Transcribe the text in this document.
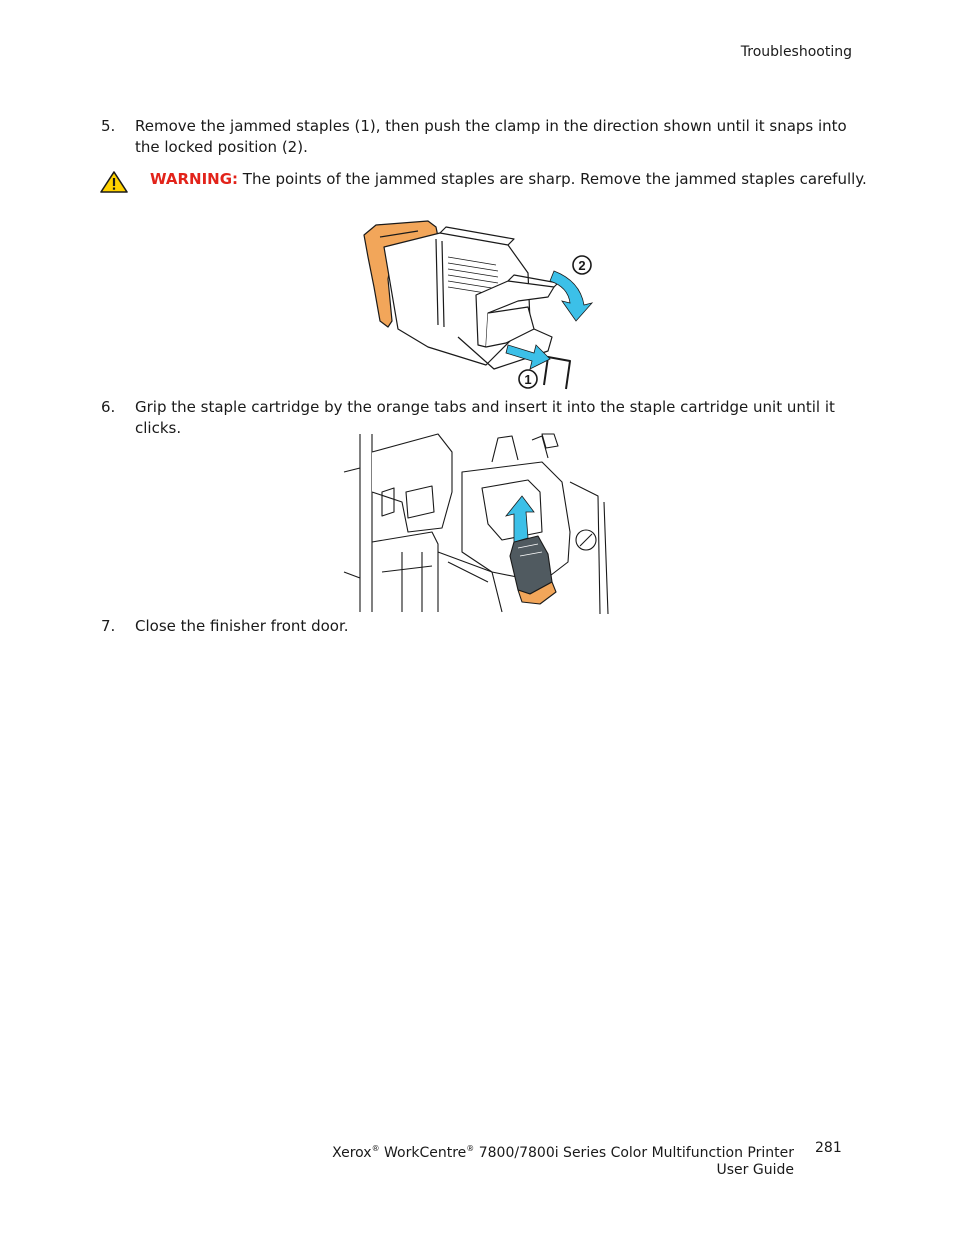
Troubleshooting
5. Remove the jammed staples (1), then push the clamp in the direction shown until it snaps into the locked position (2).
WARNING: The points of the jammed staples are sharp. Remove the jammed staples carefully.
2
1
6. Grip the staple cartridge by the orange tabs and insert it into the staple cartridge unit until it clicks.
7. Close the finisher front door.
Xerox® WorkCentre® 7800/7800i Series Color Multifunction Printer
User Guide
281
